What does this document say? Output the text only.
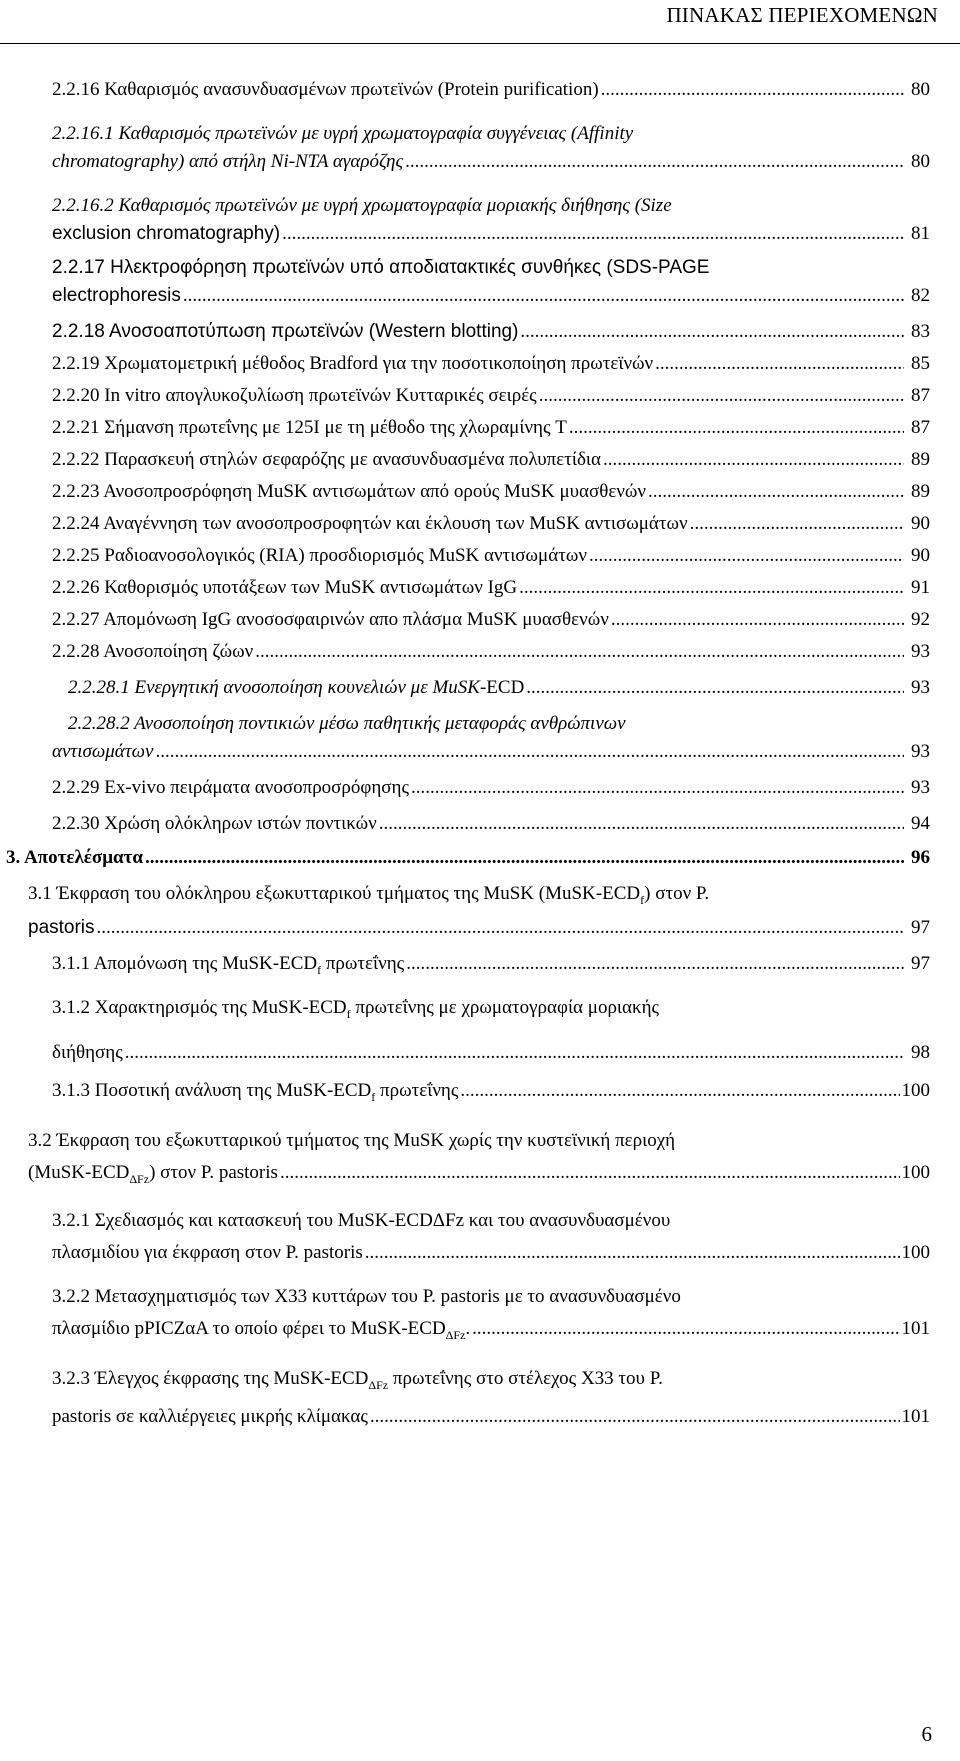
ΠΙΝΑΚΑΣ ΠΕΡΙΕΧΟΜΕΝΩΝ
2.2.16 Καθαρισμός ανασυνδυασμένων πρωτεϊνών (Protein purification) .....	80
2.2.16.1 Καθαρισμός πρωτεϊνών με υγρή χρωματογραφία συγγένειας (Affinity
chromatography) από στήλη Ni-NTA αγαρόζης .....	80
2.2.16.2 Καθαρισμός πρωτεϊνών με υγρή χρωματογραφία μοριακής διήθησης (Size
exclusion chromatography) .....	81
2.2.17 Ηλεκτροφόρηση πρωτεϊνών υπό αποδιατακτικές συνθήκες (SDS-PAGE
electrophoresis .....	82
2.2.18 Ανοσοαποτύπωση πρωτεϊνών (Western blotting) .....	83
2.2.19 Χρωματομετρική μέθοδος Bradford για την ποσοτικοποίηση πρωτεϊνών .....	85
2.2.20 In vitro απογλυκοζυλίωση πρωτεϊνών Κυτταρικές σειρές .....	87
2.2.21 Σήμανση πρωτεΐνης με 125I με τη μέθοδο της χλωραμίνης T .....	87
2.2.22 Παρασκευή στηλών σεφαρόζης με ανασυνδυασμένα πολυπετίδια .....	89
2.2.23 Ανοσοπροσρόφηση MuSK αντισωμάτων από ορούς MuSK μυασθενών .....	89
2.2.24 Αναγέννηση των ανοσοπροσροφητών και έκλουση των MuSK αντισωμάτων .....	90
2.2.25 Ραδιοανοσολογικός (RIA) προσδιορισμός MuSK αντισωμάτων .....	90
2.2.26 Καθορισμός υποτάξεων των MuSK αντισωμάτων IgG .....	91
2.2.27 Απομόνωση IgG ανοσοσφαιρινών απο πλάσμα MuSK μυασθενών .....	92
2.2.28 Ανοσοποίηση ζώων .....	93
2.2.28.1 Ενεργητική ανοσοποίηση κουνελιών με MuSK -ECD .....	93
2.2.28.2 Ανοσοποίηση ποντικιών μέσω παθητικής μεταφοράς ανθρώπινων
αντισωμάτων .....	93
2.2.29 Ex-vivo πειράματα ανοσοπροσρόφησης .....	93
2.2.30 Χρώση ολόκληρων ιστών ποντικών .....	94
3. Αποτελέσματα .....	96
3.1 Έκφραση του ολόκληρου εξωκυτταρικού τμήματος της MuSK $(MuSK-ECD_f)$ στον P.
pastoris .....	97
3.1.1 Απομόνωση της MuSK-$ECD_f$ πρωτεΐνης .....	97
3.1.2 Χαρακτηρισμός της MuSK-$ECD_f$ πρωτεΐνης με χρωματογραφία μοριακής
διήθησης .....	98
3.1.3 Ποσοτική ανάλυση της MuSK-$ECD_f$ πρωτεΐνης .....	100
3.2 Έκφραση του εξωκυτταρικού τμήματος της MuSK χωρίς την κυστεϊνική περιοχή
$(MuSK-ECD_{\Delta Fz})$ στον P. pastoris .....	100
3.2.1 Σχεδιασμός και κατασκευή του MuSK-ECDΔFz και του ανασυνδυασμένου
πλασμιδίου για έκφραση στον P. pastoris .....	100
3.2.2 Μετασχηματισμός των X33 κυττάρων του P. pastoris με το ανασυνδυασμένο
πλασμίδιο pPICZαA το οποίο φέρει το MuSK-$ECD_{\Delta Fz}$. .....	101
3.2.3 Έλεγχος έκφρασης της MuSK-$ECD_{\Delta Fz}$ πρωτεΐνης στο στέλεχος X33 του P.
pastoris σε καλλιέργειες μικρής κλίμακας .....	101
6
